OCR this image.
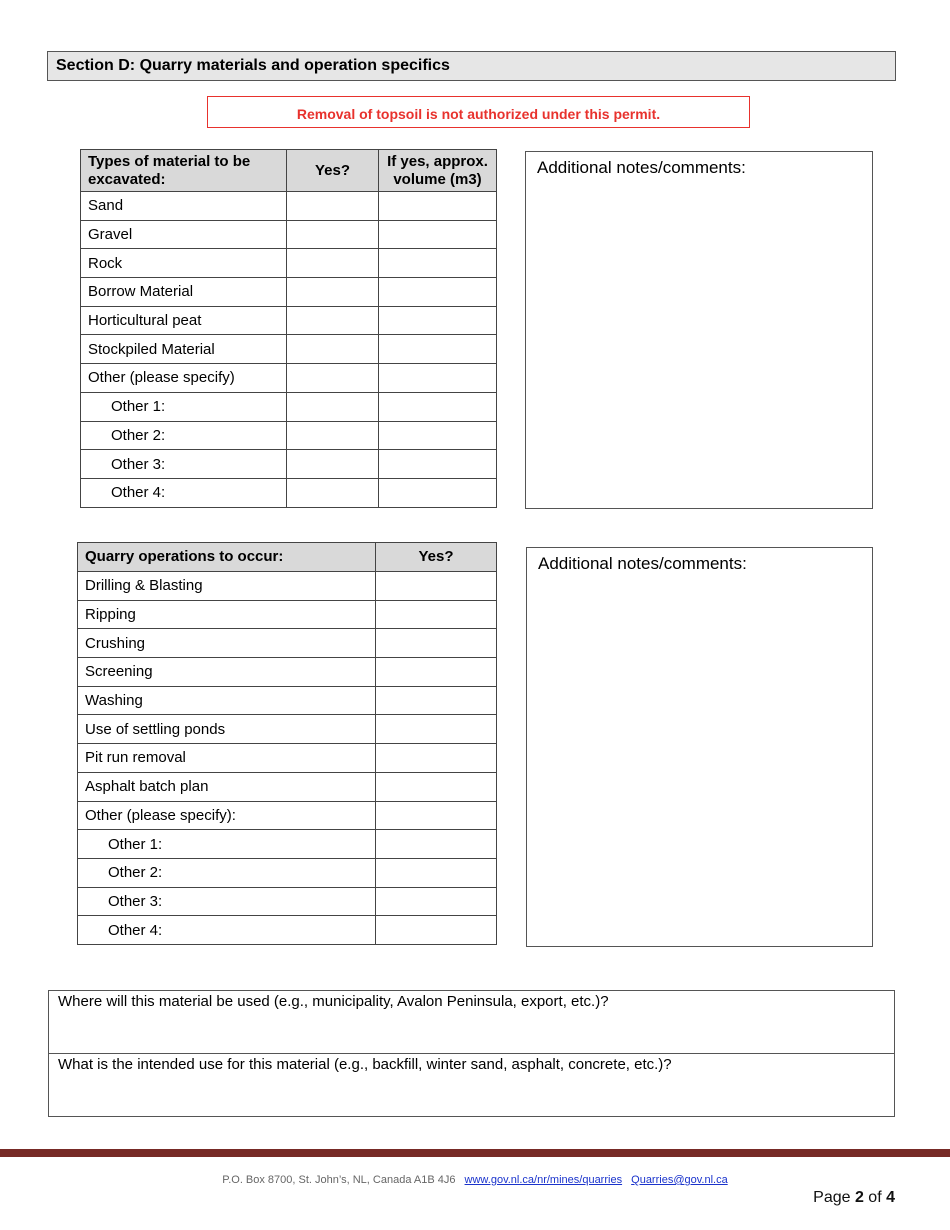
Section D: Quarry materials and operation specifics
Removal of topsoil is not authorized under this permit.
Types of material to be excavated:	Yes?	If yes, approx. volume (m3)
Sand		
Gravel		
Rock		
Borrow Material		
Horticultural peat		
Stockpiled Material		
Other (please specify)		
Other 1:		
Other 2:		
Other 3:		
Other 4:		
Additional notes/comments:
Quarry operations to occur:	Yes?
Drilling & Blasting	
Ripping	
Crushing	
Screening	
Washing	
Use of settling ponds	
Pit run removal	
Asphalt batch plan	
Other (please specify):	
Other 1:	
Other 2:	
Other 3:	
Other 4:	
Additional notes/comments:
Where will this material be used (e.g., municipality, Avalon Peninsula, export, etc.)?
What is the intended use for this material (e.g., backfill, winter sand, asphalt, concrete, etc.)?
P.O. Box 8700, St. John’s, NL, Canada A1B 4J6 www.gov.nl.ca/nr/mines/quarries Quarries@gov.nl.ca
Page 2 of 4
